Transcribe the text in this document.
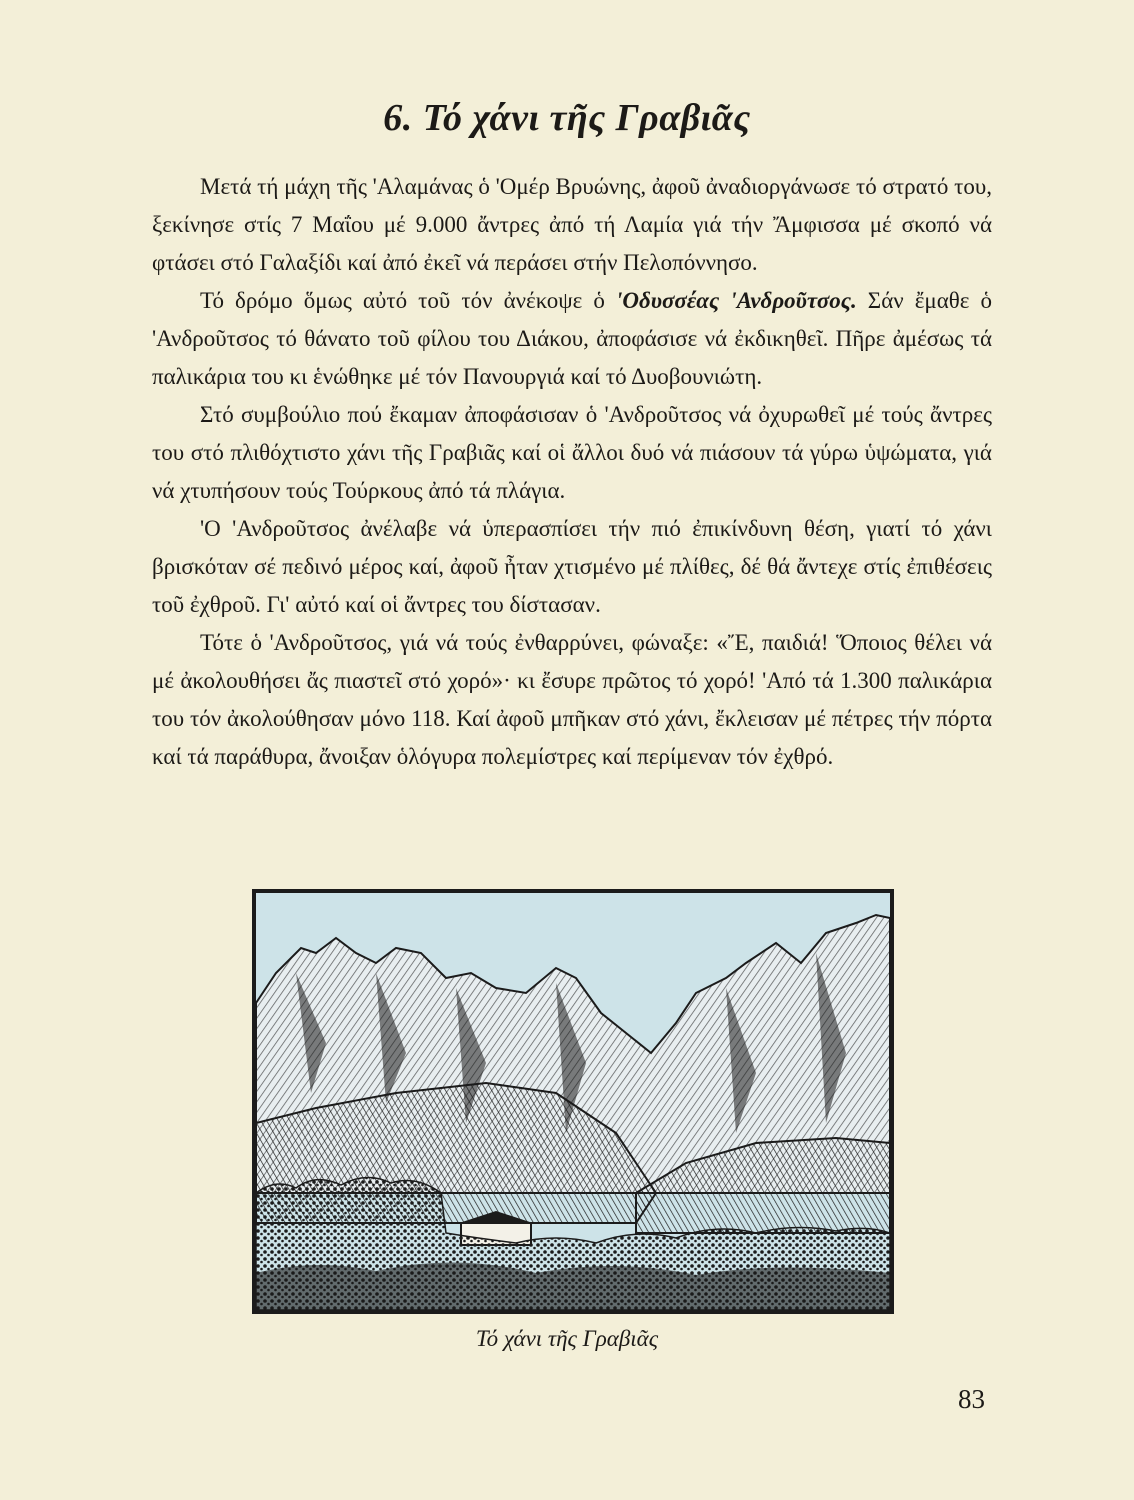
6. Τό χάνι τῆς Γραβιᾶς

Μετά τή μάχη τῆς 'Αλαμάνας ὁ 'Ομέρ Βρυώνης, ἀφοῦ ἀναδιοργάνωσε τό στρατό του, ξεκίνησε στίς 7 Μαΐου μέ 9.000 ἄντρες ἀπό τή Λαμία γιά τήν Ἄμφισσα μέ σκοπό νά φτάσει στό Γαλαξίδι καί ἀπό ἐκεῖ νά περάσει στήν Πελοπόννησο.

Τό δρόμο ὅμως αὐτό τοῦ τόν ἀνέκοψε ὁ 'Οδυσσέας 'Ανδροῦτσος. Σάν ἔμαθε ὁ 'Ανδροῦτσος τό θάνατο τοῦ φίλου του Διάκου, ἀποφάσισε νά ἐκδικηθεῖ. Πῆρε ἀμέσως τά παλικάρια του κι ἑνώθηκε μέ τόν Πανουργιά καί τό Δυοβουνιώτη.

Στό συμβούλιο πού ἔκαμαν ἀποφάσισαν ὁ 'Ανδροῦτσος νά ὀχυρωθεῖ μέ τούς ἄντρες του στό πλιθόχτιστο χάνι τῆς Γραβιᾶς καί οἱ ἄλλοι δυό νά πιάσουν τά γύρω ὑψώματα, γιά νά χτυπήσουν τούς Τούρκους ἀπό τά πλάγια.

'Ο 'Ανδροῦτσος ἀνέλαβε νά ὑπερασπίσει τήν πιό ἐπικίνδυνη θέση, γιατί τό χάνι βρισκόταν σέ πεδινό μέρος καί, ἀφοῦ ἦταν χτισμένο μέ πλίθες, δέ θά ἄντεχε στίς ἐπιθέσεις τοῦ ἐχθροῦ. Γι' αὐτό καί οἱ ἄντρες του δίστασαν.

Τότε ὁ 'Ανδροῦτσος, γιά νά τούς ἐνθαρρύνει, φώναξε: «Ἔ, παιδιά! Ὅποιος θέλει νά μέ ἀκολουθήσει ἄς πιαστεῖ στό χορό»· κι ἔσυρε πρῶτος τό χορό! 'Από τά 1.300 παλικάρια του τόν ἀκολούθησαν μόνο 118. Καί ἀφοῦ μπῆκαν στό χάνι, ἔκλεισαν μέ πέτρες τήν πόρτα καί τά παράθυρα, ἄνοιξαν ὁλόγυρα πολεμίστρες καί περίμεναν τόν ἐχθρό.

Τό χάνι τῆς Γραβιᾶς
83
